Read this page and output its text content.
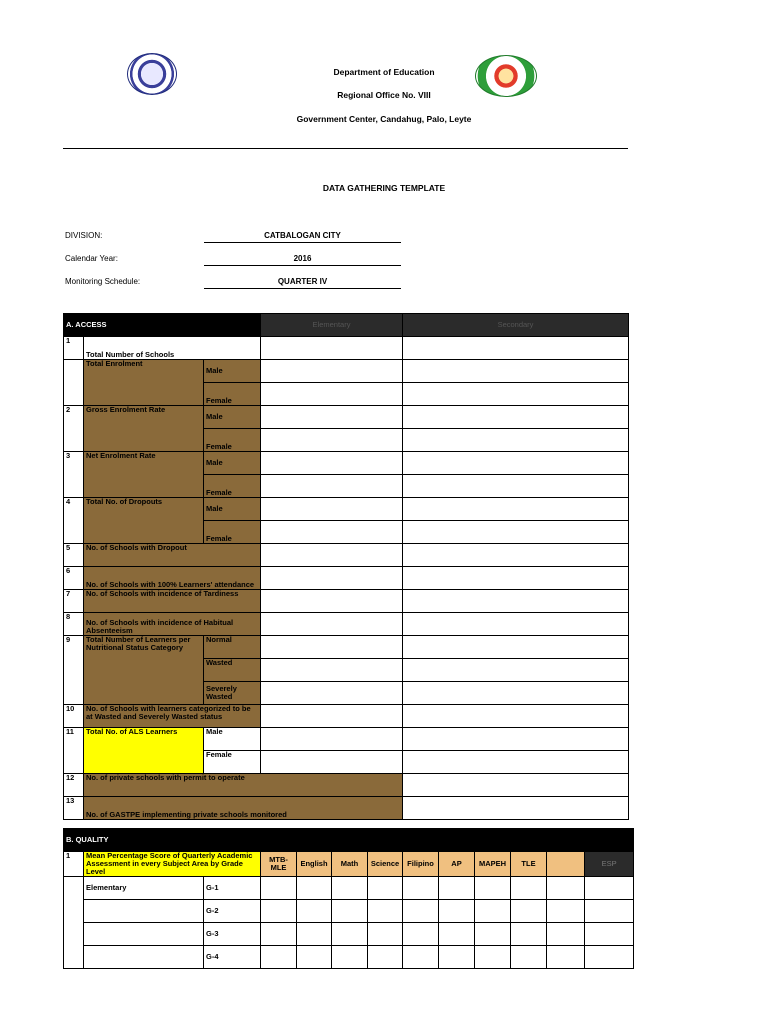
Department of Education
Regional Office No. VIII
Government Center, Candahug, Palo, Leyte
DATA GATHERING TEMPLATE
DIVISION:	CATBALOGAN CITY
Calendar Year:	2016
Monitoring Schedule:	QUARTER IV
A. ACCESS			Elementary	Secondary
1	Total Number of Schools			
	Total Enrolment	Male		
		Female		
2	Gross Enrolment Rate	Male		
		Female		
3	Net Enrolment Rate	Male		
		Female		
4	Total No. of Dropouts	Male		
		Female		
5	No. of Schools with Dropout			
6	No. of Schools with 100% Learners' attendance			
7	No. of Schools with incidence of Tardiness			
8	No. of Schools with incidence of Habitual Absenteeism			
9	Total Number of Learners per Nutritional Status Category	Normal		
		Wasted		
		Severely Wasted		
10	No. of Schools with learners categorized to be at Wasted and Severely Wasted status			
11	Total No. of ALS Learners	Male		
		Female		
12	No. of private schools with permit to operate			
13	No. of GASTPE implementing private schools monitored			
B. QUALITY												
1	Mean Percentage Score of Quarterly Academic Assessment in every Subject Area by Grade Level		MTB-MLE	English	Math	Science	Filipino	AP	MAPEH	TLE		ESP
	Elementary	G-1										
		G-2										
		G-3										
		G-4										
